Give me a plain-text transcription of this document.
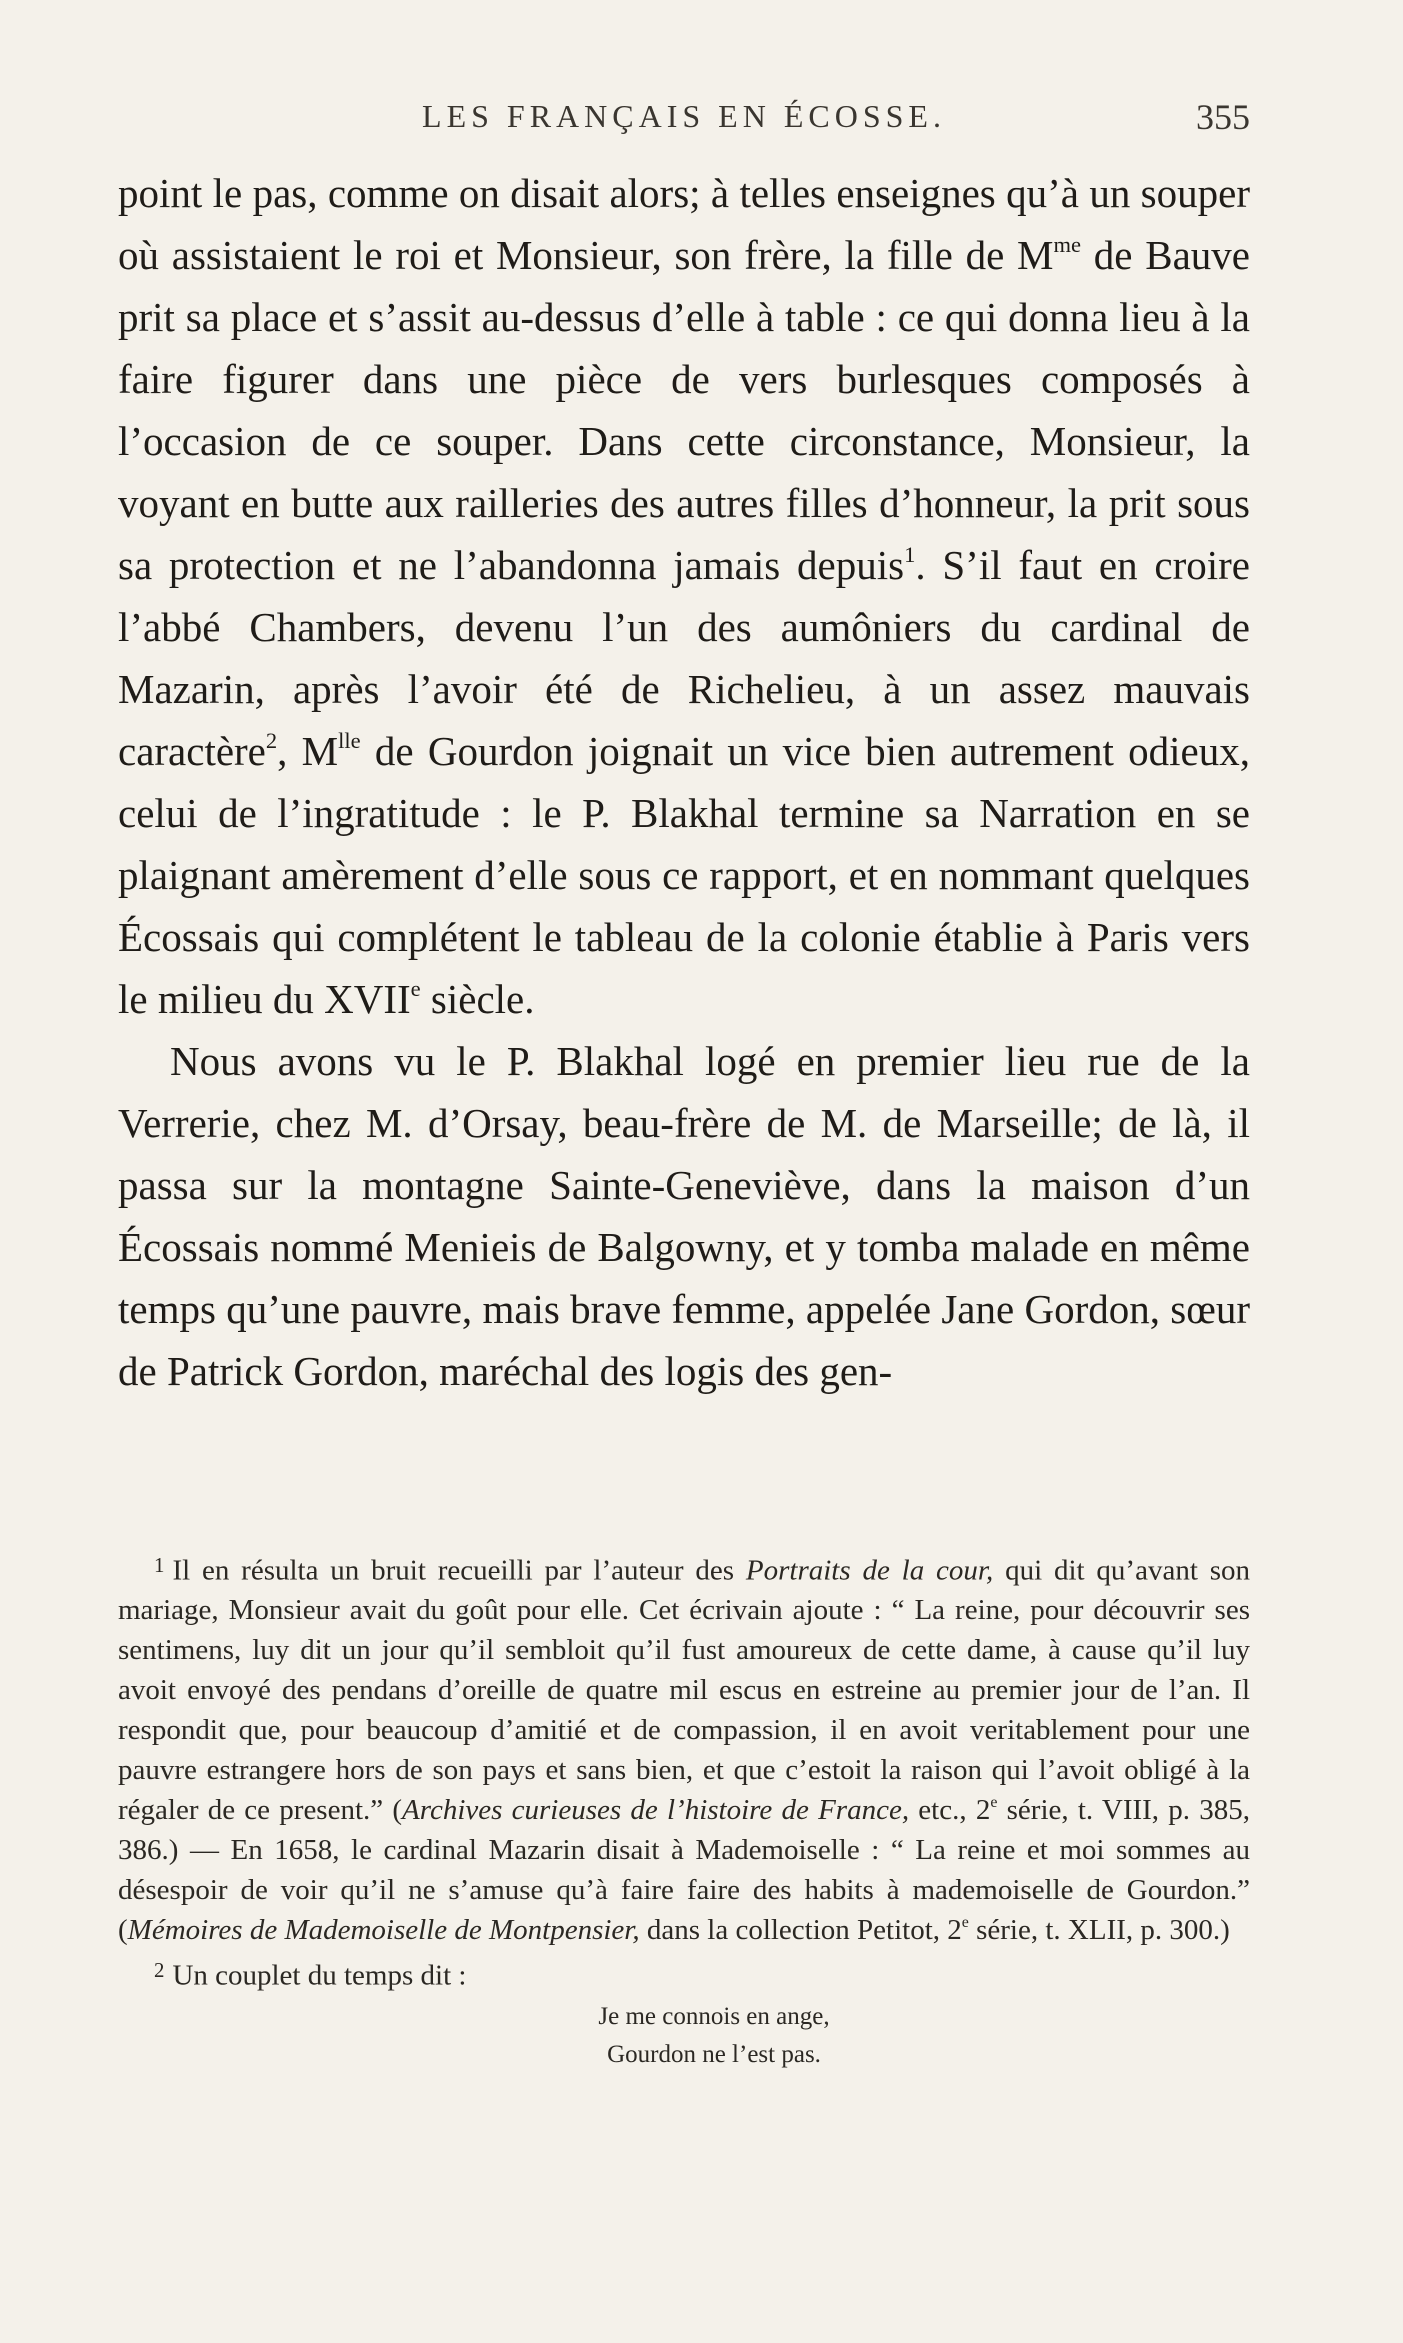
LES FRANÇAIS EN ÉCOSSE.	355

point le pas, comme on disait alors; à telles enseignes qu’à un souper où assistaient le roi et Monsieur, son frère, la fille de $M^{me}$ de Bauve prit sa place et s’assit au-dessus d’elle à table : ce qui donna lieu à la faire figurer dans une pièce de vers burlesques composés à l’occasion de ce souper. Dans cette circonstance, Monsieur, la voyant en butte aux railleries des autres filles d’honneur, la prit sous sa protection et ne l’abandonna jamais depuis$^1$. S’il faut en croire l’abbé Chambers, devenu l’un des aumôniers du cardinal de Mazarin, après l’avoir été de Richelieu, à un assez mauvais caractère$^2$, $M^{lle}$ de Gourdon joignait un vice bien autrement odieux, celui de l’ingratitude : le P. Blakhal termine sa Narration en se plaignant amèrement d’elle sous ce rapport, et en nommant quelques Écossais qui complétent le tableau de la colonie établie à Paris vers le milieu du XVIIe siècle.

Nous avons vu le P. Blakhal logé en premier lieu rue de la Verrerie, chez M. d’Orsay, beau-frère de M. de Marseille; de là, il passa sur la montagne Sainte-Geneviève, dans la maison d’un Écossais nommé Menieis de Balgowny, et y tomba malade en même temps qu’une pauvre, mais brave femme, appelée Jane Gordon, sœur de Patrick Gordon, maréchal des logis des gen-

$^1$ Il en résulta un bruit recueilli par l’auteur des Portraits de la cour, qui dit qu’avant son mariage, Monsieur avait du goût pour elle. Cet écrivain ajoute : “ La reine, pour découvrir ses sentimens, luy dit un jour qu’il sembloit qu’il fust amoureux de cette dame, à cause qu’il luy avoit envoyé des pendans d’oreille de quatre mil escus en estreine au premier jour de l’an. Il respondit que, pour beaucoup d’amitié et de compassion, il en avoit veritablement pour une pauvre estrangere hors de son pays et sans bien, et que c’estoit la raison qui l’avoit obligé à la régaler de ce present.” (Archives curieuses de l’histoire de France, etc., 2e série, t. VIII, p. 385, 386.) — En 1658, le cardinal Mazarin disait à Mademoiselle : “ La reine et moi sommes au désespoir de voir qu’il ne s’amuse qu’à faire faire des habits à mademoiselle de Gourdon.” (Mémoires de Mademoiselle de Montpensier, dans la collection Petitot, 2e série, t. XLII, p. 300.)

$^2$ Un couplet du temps dit :

Je me connois en ange,
Gourdon ne l’est pas.
